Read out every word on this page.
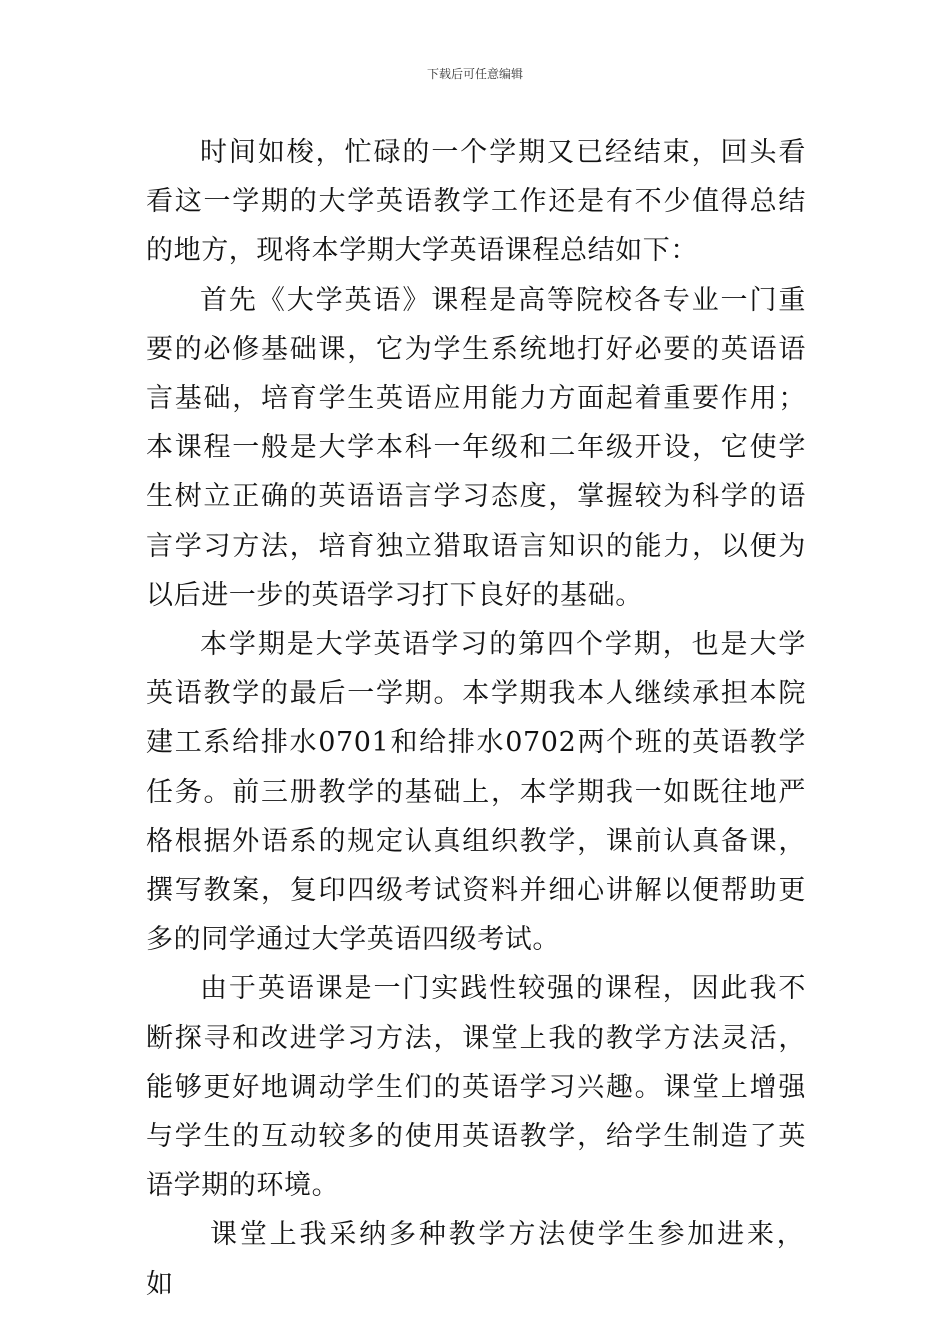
下载后可任意编辑

时间如梭，忙碌的一个学期又已经结束，回头看看这一学期的大学英语教学工作还是有不少值得总结的地方，现将本学期大学英语课程总结如下：

首先《大学英语》课程是高等院校各专业一门重要的必修基础课，它为学生系统地打好必要的英语语言基础，培育学生英语应用能力方面起着重要作用；本课程一般是大学本科一年级和二年级开设，它使学生树立正确的英语语言学习态度，掌握较为科学的语言学习方法，培育独立猎取语言知识的能力，以便为以后进一步的英语学习打下良好的基础。

本学期是大学英语学习的第四个学期，也是大学英语教学的最后一学期。本学期我本人继续承担本院建工系给排水0701和给排水0702两个班的英语教学任务。前三册教学的基础上，本学期我一如既往地严格根据外语系的规定认真组织教学，课前认真备课，撰写教案，复印四级考试资料并细心讲解以便帮助更多的同学通过大学英语四级考试。

由于英语课是一门实践性较强的课程，因此我不断探寻和改进学习方法，课堂上我的教学方法灵活，能够更好地调动学生们的英语学习兴趣。课堂上增强与学生的互动较多的使用英语教学，给学生制造了英语学期的环境。

课堂上我采纳多种教学方法使学生参加进来，如
